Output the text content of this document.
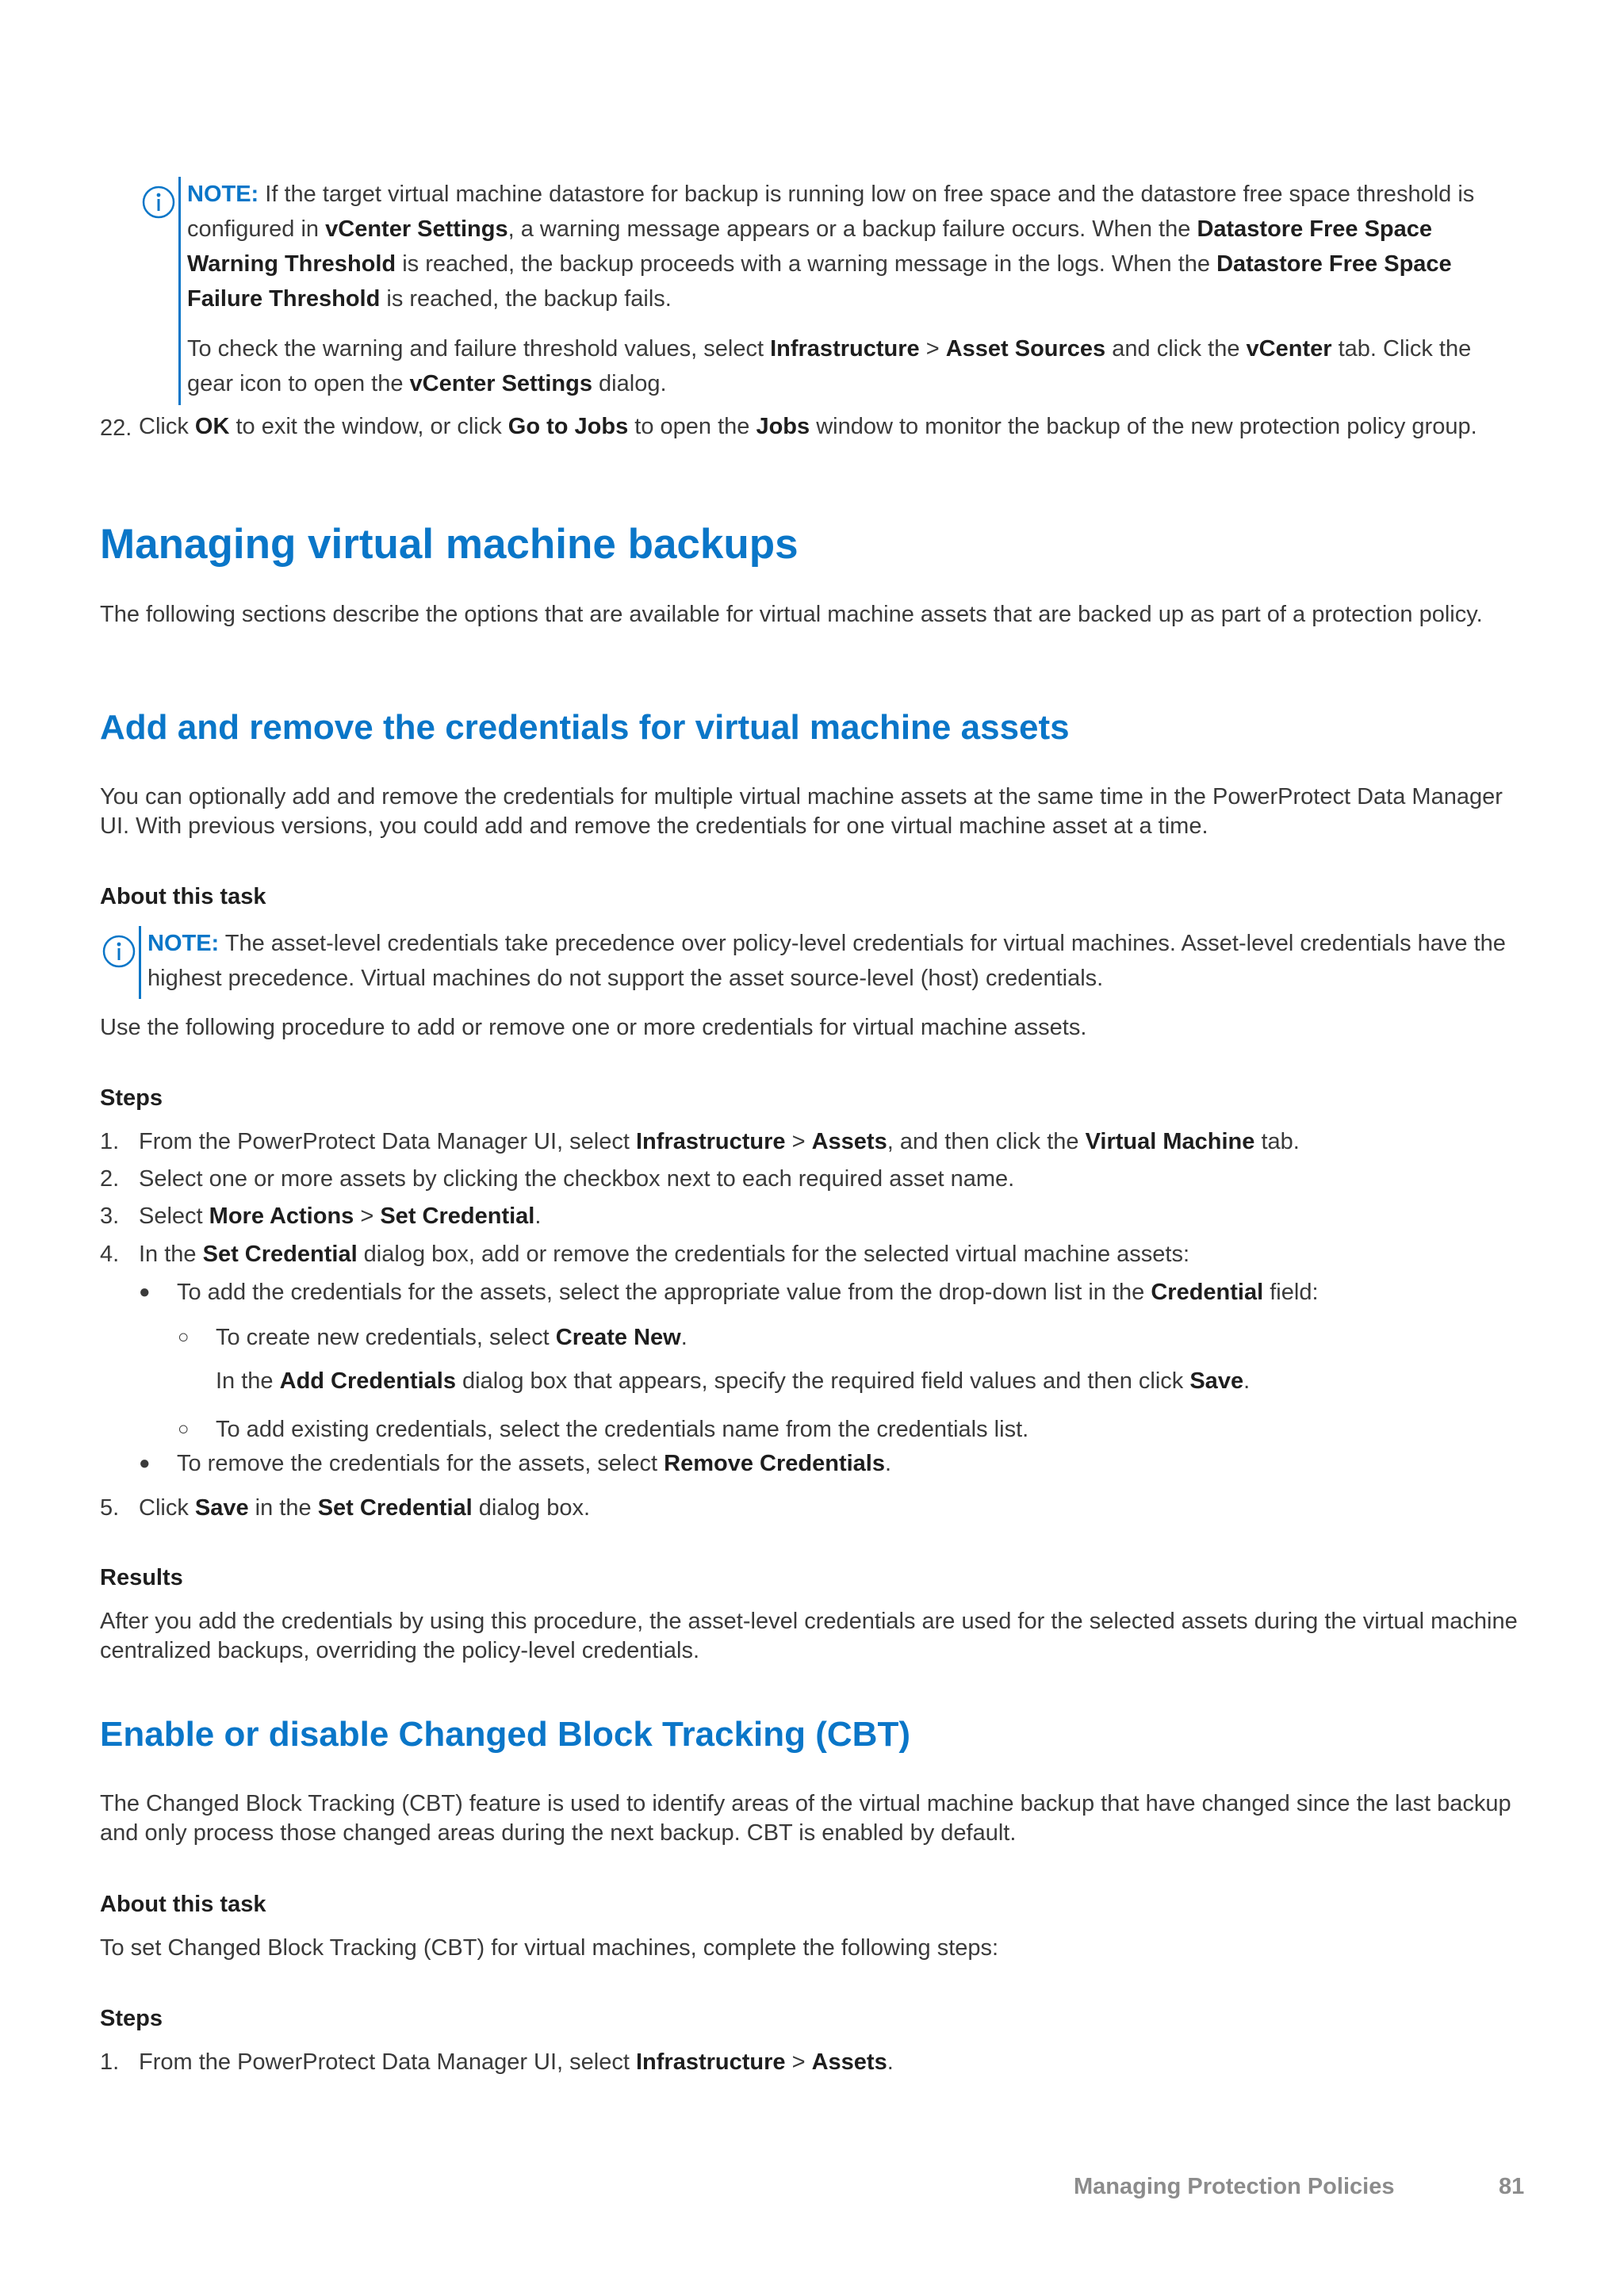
NOTE: If the target virtual machine datastore for backup is running low on free space and the datastore free space threshold is configured in vCenter Settings, a warning message appears or a backup failure occurs. When the Datastore Free Space Warning Threshold is reached, the backup proceeds with a warning message in the logs. When the Datastore Free Space Failure Threshold is reached, the backup fails.

To check the warning and failure threshold values, select Infrastructure > Asset Sources and click the vCenter tab. Click the gear icon to open the vCenter Settings dialog.

22. Click OK to exit the window, or click Go to Jobs to open the Jobs window to monitor the backup of the new protection policy group.
Managing virtual machine backups

The following sections describe the options that are available for virtual machine assets that are backed up as part of a protection policy.

Add and remove the credentials for virtual machine assets

You can optionally add and remove the credentials for multiple virtual machine assets at the same time in the PowerProtect Data Manager UI. With previous versions, you could add and remove the credentials for one virtual machine asset at a time.

About this task

NOTE: The asset-level credentials take precedence over policy-level credentials for virtual machines. Asset-level credentials have the highest precedence. Virtual machines do not support the asset source-level (host) credentials.

Use the following procedure to add or remove one or more credentials for virtual machine assets.

Steps
1. From the PowerProtect Data Manager UI, select Infrastructure > Assets, and then click the Virtual Machine tab.
2. Select one or more assets by clicking the checkbox next to each required asset name.
3. Select More Actions > Set Credential.
4. In the Set Credential dialog box, add or remove the credentials for the selected virtual machine assets:
● To add the credentials for the assets, select the appropriate value from the drop-down list in the Credential field:
○ To create new credentials, select Create New.
In the Add Credentials dialog box that appears, specify the required field values and then click Save.
○ To add existing credentials, select the credentials name from the credentials list.
● To remove the credentials for the assets, select Remove Credentials.
5. Click Save in the Set Credential dialog box.
Results

After you add the credentials by using this procedure, the asset-level credentials are used for the selected assets during the virtual machine centralized backups, overriding the policy-level credentials.

Enable or disable Changed Block Tracking (CBT)

The Changed Block Tracking (CBT) feature is used to identify areas of the virtual machine backup that have changed since the last backup and only process those changed areas during the next backup. CBT is enabled by default.

About this task

To set Changed Block Tracking (CBT) for virtual machines, complete the following steps:

Steps
1. From the PowerProtect Data Manager UI, select Infrastructure > Assets.
Managing Protection Policies	81
